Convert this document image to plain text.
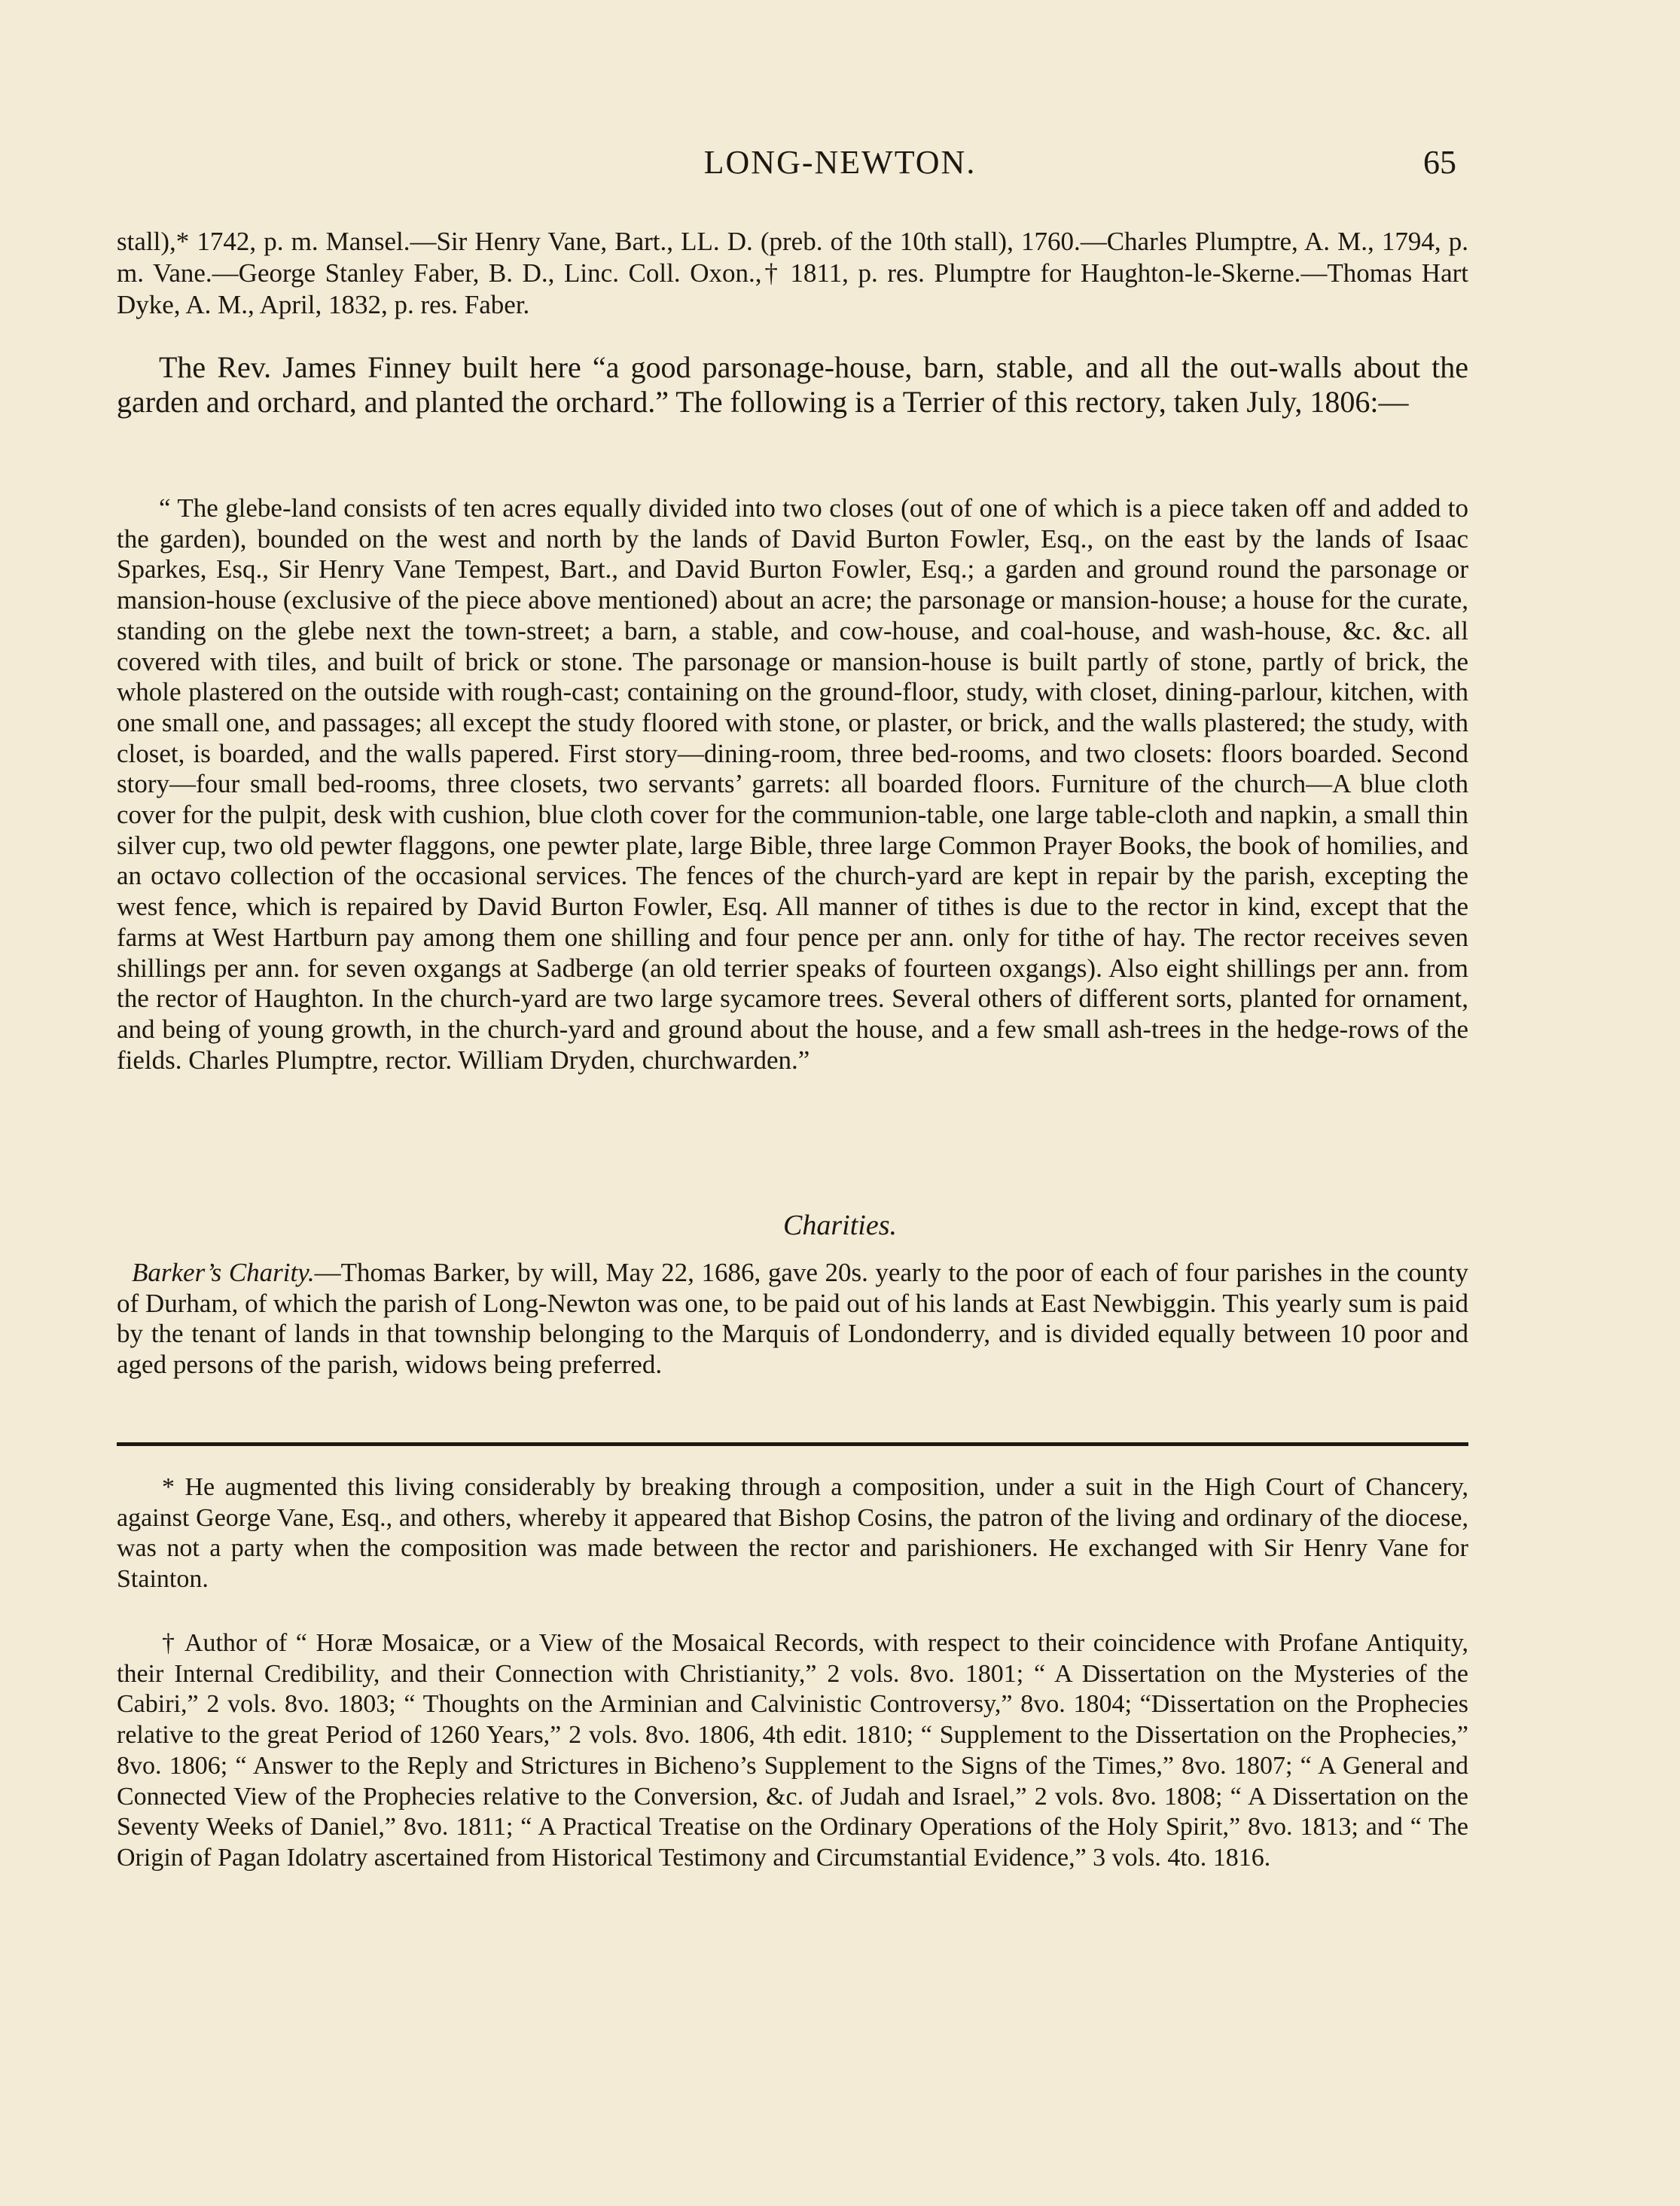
LONG-NEWTON.	65

stall),* 1742, p. m. Mansel.—Sir Henry Vane, Bart., LL. D. (preb. of the 10th stall), 1760.—Charles Plumptre, A. M., 1794, p. m. Vane.—George Stanley Faber, B. D., Linc. Coll. Oxon.,† 1811, p. res. Plumptre for Haughton-le-Skerne.—Thomas Hart Dyke, A. M., April, 1832, p. res. Faber.

The Rev. James Finney built here “a good parsonage-house, barn, stable, and all the out-walls about the garden and orchard, and planted the orchard.” The following is a Terrier of this rectory, taken July, 1806:—

“ The glebe-land consists of ten acres equally divided into two closes (out of one of which is a piece taken off and added to the garden), bounded on the west and north by the lands of David Burton Fowler, Esq., on the east by the lands of Isaac Sparkes, Esq., Sir Henry Vane Tempest, Bart., and David Burton Fowler, Esq.; a garden and ground round the parsonage or mansion-house (exclusive of the piece above mentioned) about an acre; the parsonage or mansion-house; a house for the curate, standing on the glebe next the town-street; a barn, a stable, and cow-house, and coal-house, and wash-house, &c. &c. all covered with tiles, and built of brick or stone. The parsonage or mansion-house is built partly of stone, partly of brick, the whole plastered on the outside with rough-cast; containing on the ground-floor, study, with closet, dining-parlour, kitchen, with one small one, and passages; all except the study floored with stone, or plaster, or brick, and the walls plastered; the study, with closet, is boarded, and the walls papered. First story—dining-room, three bed-rooms, and two closets: floors boarded. Second story—four small bed-rooms, three closets, two servants’ garrets: all boarded floors. Furniture of the church—A blue cloth cover for the pulpit, desk with cushion, blue cloth cover for the communion-table, one large table-cloth and napkin, a small thin silver cup, two old pewter flaggons, one pewter plate, large Bible, three large Common Prayer Books, the book of homilies, and an octavo collection of the occasional services. The fences of the church-yard are kept in repair by the parish, excepting the west fence, which is repaired by David Burton Fowler, Esq. All manner of tithes is due to the rector in kind, except that the farms at West Hartburn pay among them one shilling and four pence per ann. only for tithe of hay. The rector receives seven shillings per ann. for seven oxgangs at Sadberge (an old terrier speaks of fourteen oxgangs). Also eight shillings per ann. from the rector of Haughton. In the church-yard are two large sycamore trees. Several others of different sorts, planted for ornament, and being of young growth, in the church-yard and ground about the house, and a few small ash-trees in the hedge-rows of the fields. Charles Plumptre, rector. William Dryden, churchwarden.”

Charities.

Barker’s Charity.—Thomas Barker, by will, May 22, 1686, gave 20s. yearly to the poor of each of four parishes in the county of Durham, of which the parish of Long-Newton was one, to be paid out of his lands at East Newbiggin. This yearly sum is paid by the tenant of lands in that township belonging to the Marquis of Londonderry, and is divided equally between 10 poor and aged persons of the parish, widows being preferred.

* He augmented this living considerably by breaking through a composition, under a suit in the High Court of Chancery, against George Vane, Esq., and others, whereby it appeared that Bishop Cosins, the patron of the living and ordinary of the diocese, was not a party when the composition was made between the rector and parishioners. He exchanged with Sir Henry Vane for Stainton.

† Author of “ Horæ Mosaicæ, or a View of the Mosaical Records, with respect to their coincidence with Profane Antiquity, their Internal Credibility, and their Connection with Christianity,” 2 vols. 8vo. 1801; “ A Dissertation on the Mysteries of the Cabiri,” 2 vols. 8vo. 1803; “ Thoughts on the Arminian and Calvinistic Controversy,” 8vo. 1804; “Dissertation on the Prophecies relative to the great Period of 1260 Years,” 2 vols. 8vo. 1806, 4th edit. 1810; “ Supplement to the Dissertation on the Prophecies,” 8vo. 1806; “ Answer to the Reply and Strictures in Bicheno’s Supplement to the Signs of the Times,” 8vo. 1807; “ A General and Connected View of the Prophecies relative to the Conversion, &c. of Judah and Israel,” 2 vols. 8vo. 1808; “ A Dissertation on the Seventy Weeks of Daniel,” 8vo. 1811; “ A Practical Treatise on the Ordinary Operations of the Holy Spirit,” 8vo. 1813; and “ The Origin of Pagan Idolatry ascertained from Historical Testimony and Circumstantial Evidence,” 3 vols. 4to. 1816.
